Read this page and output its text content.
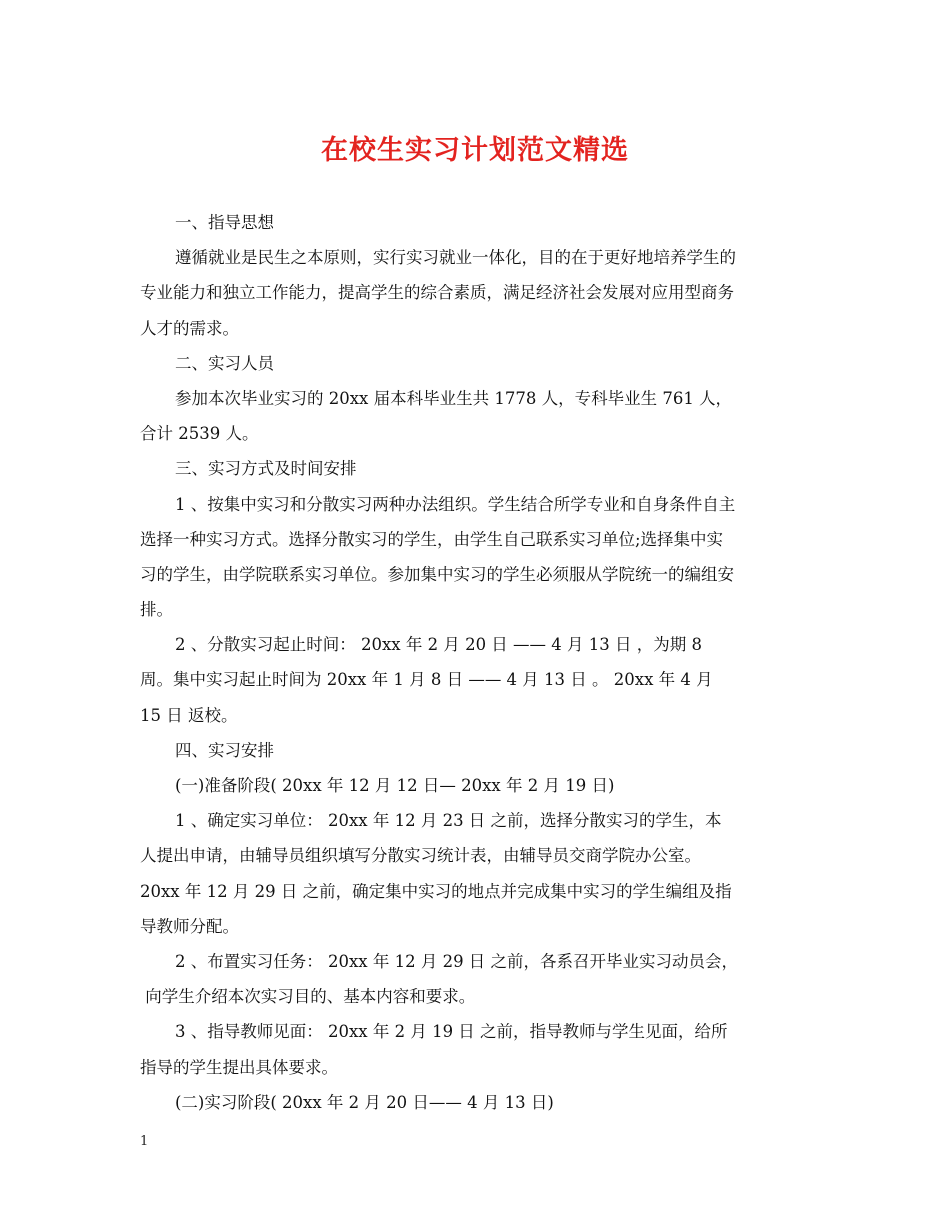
在校生实习计划范文精选
一、指导思想
遵循就业是民生之本原则，实行实习就业一体化，目的在于更好地培养学生的
专业能力和独立工作能力，提高学生的综合素质，满足经济社会发展对应用型商务
人才的需求。
二、实习人员
参加本次毕业实习的 20xx 届本科毕业生共 1778 人，专科毕业生 761 人，
合计 2539 人。
三、实习方式及时间安排
1 、按集中实习和分散实习两种办法组织。学生结合所学专业和自身条件自主
选择一种实习方式。选择分散实习的学生，由学生自己联系实习单位;选择集中实
习的学生，由学院联系实习单位。参加集中实习的学生必须服从学院统一的编组安
排。
2 、分散实习起止时间： 20xx 年 2 月 20 日 —— 4 月 13 日 ，为期 8
周。集中实习起止时间为 20xx 年 1 月 8 日 —— 4 月 13 日 。 20xx 年 4 月
15 日 返校。
四、实习安排
(一)准备阶段( 20xx 年 12 月 12 日— 20xx 年 2 月 19 日)
1 、确定实习单位： 20xx 年 12 月 23 日 之前，选择分散实习的学生，本
人提出申请，由辅导员组织填写分散实习统计表，由辅导员交商学院办公室。
20xx 年 12 月 29 日 之前，确定集中实习的地点并完成集中实习的学生编组及指
导教师分配。
2 、布置实习任务： 20xx 年 12 月 29 日 之前，各系召开毕业实习动员会，
向学生介绍本次实习目的、基本内容和要求。
3 、指导教师见面： 20xx 年 2 月 19 日 之前，指导教师与学生见面，给所
指导的学生提出具体要求。
(二)实习阶段( 20xx 年 2 月 20 日—— 4 月 13 日)
1
